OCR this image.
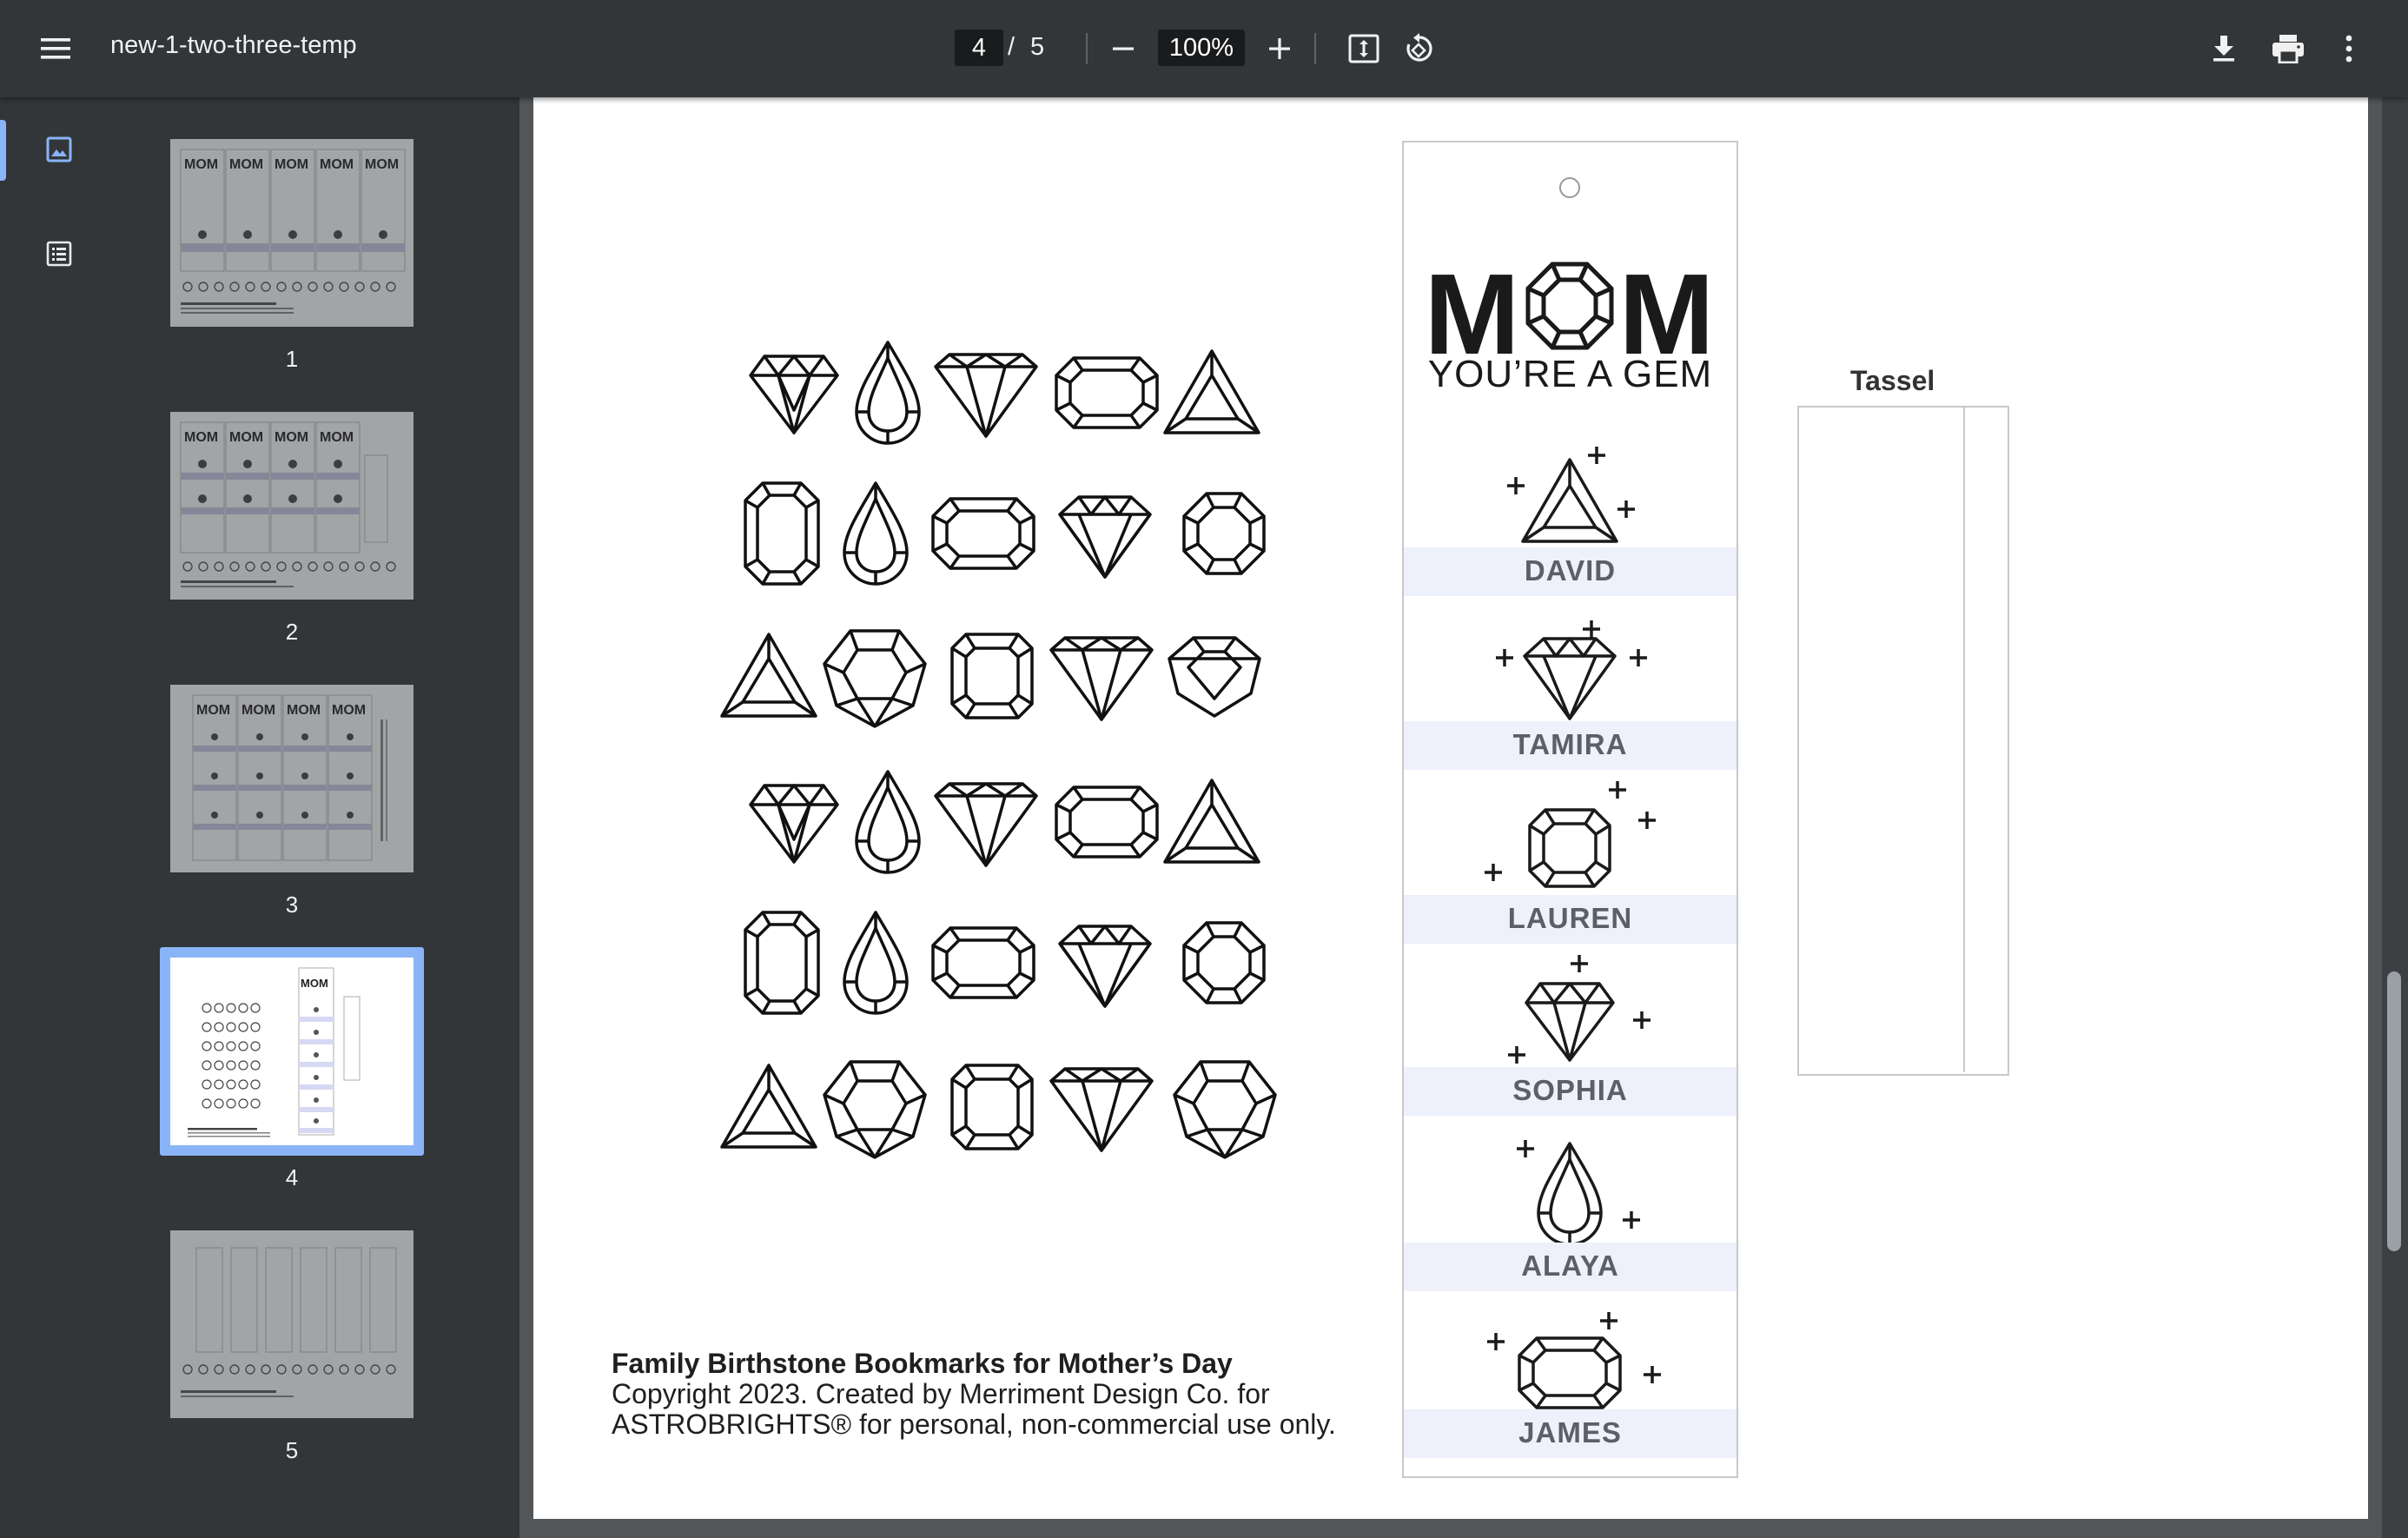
new-1-two-three-temp
4	/ 5
100%
MOM MOM MOM MOM MOM
1
MOM MOM MOM MOM
2
MOM MOM MOM MOM
3
MOM
4
5
Family Birthstone Bookmarks for Mother’s Day
Copyright 2023. Created by Merriment Design Co. for
ASTROBRIGHTS® for personal, non-commercial use only.
M M
YOU’RE A GEM
DAVID
TAMIRA
LAUREN
SOPHIA
ALAYA
JAMES
Tassel
